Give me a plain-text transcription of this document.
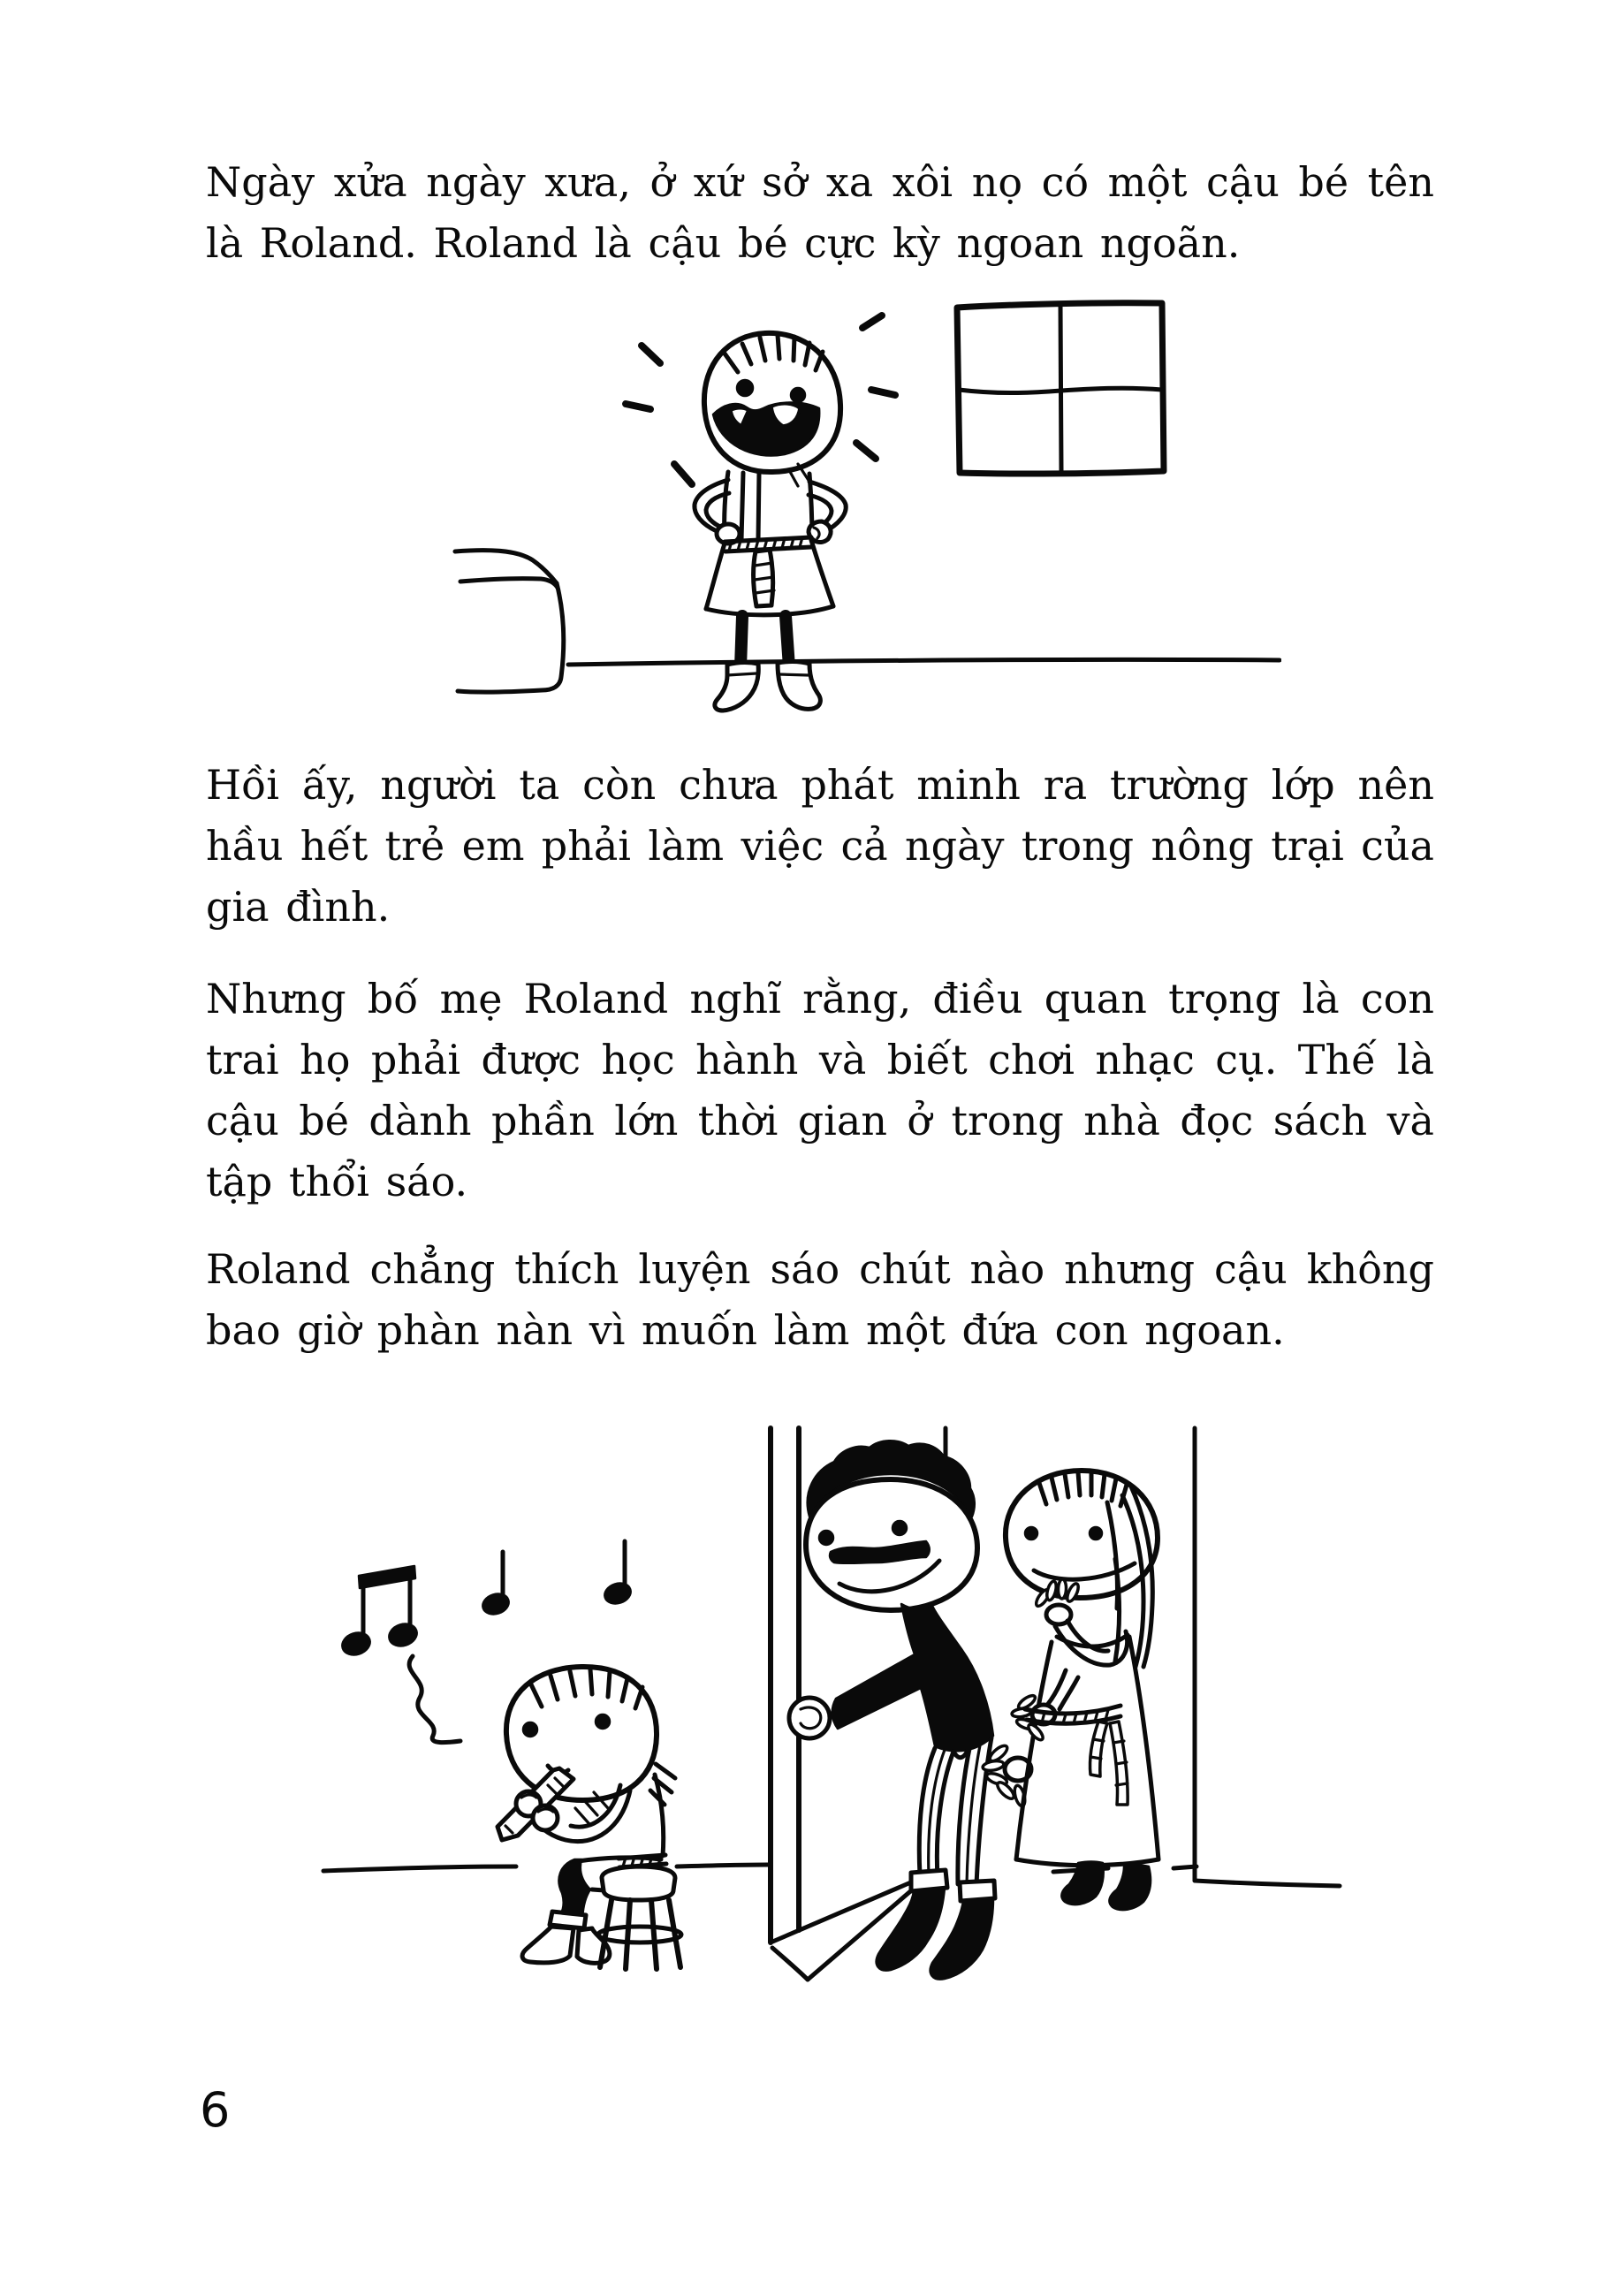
Ngày xửa ngày xưa, ở xứ sở xa xôi nọ có một cậu bé tên là Roland. Roland là cậu bé cực kỳ ngoan ngoãn.

Hồi ấy, người ta còn chưa phát minh ra trường lớp nên hầu hết trẻ em phải làm việc cả ngày trong nông trại của gia đình.

Nhưng bố mẹ Roland nghĩ rằng, điều quan trọng là con trai họ phải được học hành và biết chơi nhạc cụ. Thế là cậu bé dành phần lớn thời gian ở trong nhà đọc sách và tập thổi sáo.

Roland chẳng thích luyện sáo chút nào nhưng cậu không bao giờ phàn nàn vì muốn làm một đứa con ngoan.

6
